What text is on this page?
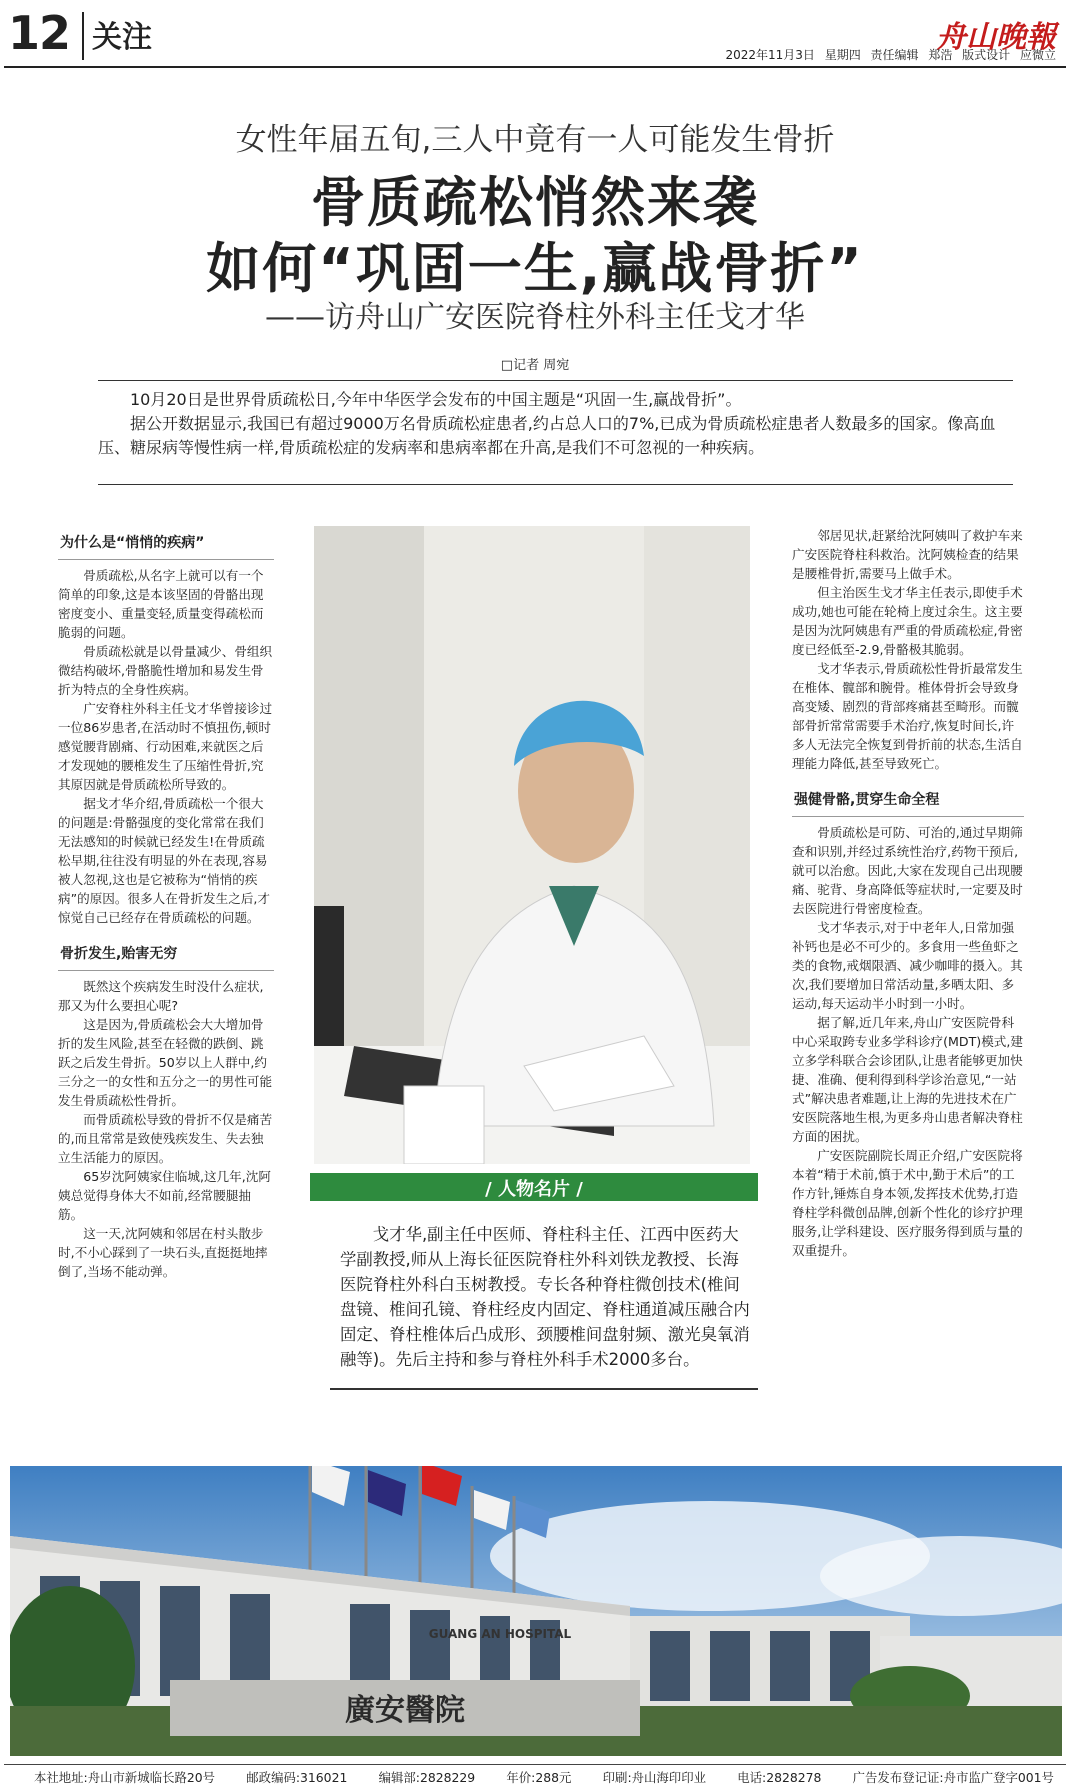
12 关注	舟山晚報
2022年11月3日 星期四 责任编辑 郑浩 版式设计 应微立
女性年届五旬,三人中竟有一人可能发生骨折
骨质疏松悄然来袭
如何“巩固一生,赢战骨折”
——访舟山广安医院脊柱外科主任戈才华
□记者 周宛

10月20日是世界骨质疏松日,今年中华医学会发布的中国主题是“巩固一生,赢战骨折”。

据公开数据显示,我国已有超过9000万名骨质疏松症患者,约占总人口的7%,已成为骨质疏松症患者人数最多的国家。像高血压、糖尿病等慢性病一样,骨质疏松症的发病率和患病率都在升高,是我们不可忽视的一种疾病。

为什么是“悄悄的疾病”

骨质疏松,从名字上就可以有一个简单的印象,这是本该坚固的骨骼出现密度变小、重量变轻,质量变得疏松而脆弱的问题。

骨质疏松就是以骨量减少、骨组织微结构破坏,骨骼脆性增加和易发生骨折为特点的全身性疾病。

广安脊柱外科主任戈才华曾接诊过一位86岁患者,在活动时不慎扭伤,顿时感觉腰背剧痛、行动困难,来就医之后才发现她的腰椎发生了压缩性骨折,究其原因就是骨质疏松所导致的。

据戈才华介绍,骨质疏松一个很大的问题是:骨骼强度的变化常常在我们无法感知的时候就已经发生!在骨质疏松早期,往往没有明显的外在表现,容易被人忽视,这也是它被称为“悄悄的疾病”的原因。很多人在骨折发生之后,才惊觉自己已经存在骨质疏松的问题。

骨折发生,贻害无穷

既然这个疾病发生时没什么症状,那又为什么要担心呢?

这是因为,骨质疏松会大大增加骨折的发生风险,甚至在轻微的跌倒、跳跃之后发生骨折。50岁以上人群中,约三分之一的女性和五分之一的男性可能发生骨质疏松性骨折。

而骨质疏松导致的骨折不仅是痛苦的,而且常常是致使残疾发生、失去独立生活能力的原因。

65岁沈阿姨家住临城,这几年,沈阿姨总觉得身体大不如前,经常腰腿抽筋。

这一天,沈阿姨和邻居在村头散步时,不小心踩到了一块石头,直挺挺地摔倒了,当场不能动弹。

/ 人物名片 /

戈才华,副主任中医师、脊柱科主任、江西中医药大学副教授,师从上海长征医院脊柱外科刘铁龙教授、长海医院脊柱外科白玉树教授。专长各种脊柱微创技术(椎间盘镜、椎间孔镜、脊柱经皮内固定、脊柱通道减压融合内固定、脊柱椎体后凸成形、颈腰椎间盘射频、激光臭氧消融等)。先后主持和参与脊柱外科手术2000多台。

邻居见状,赶紧给沈阿姨叫了救护车来广安医院脊柱科救治。沈阿姨检查的结果是腰椎骨折,需要马上做手术。

但主治医生戈才华主任表示,即使手术成功,她也可能在轮椅上度过余生。这主要是因为沈阿姨患有严重的骨质疏松症,骨密度已经低至-2.9,骨骼极其脆弱。

戈才华表示,骨质疏松性骨折最常发生在椎体、髋部和腕骨。椎体骨折会导致身高变矮、剧烈的背部疼痛甚至畸形。而髋部骨折常常需要手术治疗,恢复时间长,许多人无法完全恢复到骨折前的状态,生活自理能力降低,甚至导致死亡。

强健骨骼,贯穿生命全程

骨质疏松是可防、可治的,通过早期筛查和识别,并经过系统性治疗,药物干预后,就可以治愈。因此,大家在发现自己出现腰痛、驼背、身高降低等症状时,一定要及时去医院进行骨密度检查。

戈才华表示,对于中老年人,日常加强补钙也是必不可少的。多食用一些鱼虾之类的食物,戒烟限酒、减少咖啡的摄入。其次,我们要增加日常活动量,多晒太阳、多运动,每天运动半小时到一小时。

据了解,近几年来,舟山广安医院骨科中心采取跨专业多学科诊疗(MDT)模式,建立多学科联合会诊团队,让患者能够更加快捷、准确、便利得到科学诊治意见,“一站式”解决患者难题,让上海的先进技术在广安医院落地生根,为更多舟山患者解决脊柱方面的困扰。

广安医院副院长周正介绍,广安医院将本着“精于术前,慎于术中,勤于术后”的工作方针,锤炼自身本领,发挥技术优势,打造脊柱学科微创品牌,创新个性化的诊疗护理服务,让学科建设、医疗服务得到质与量的双重提升。

廣安醫院
GUANG AN HOSPITAL
本社地址:舟山市新城临长路20号	邮政编码:316021	编辑部:2828229	年价:288元	印刷:舟山海印印业	电话:2828278	广告发布登记证:舟市监广登字001号
